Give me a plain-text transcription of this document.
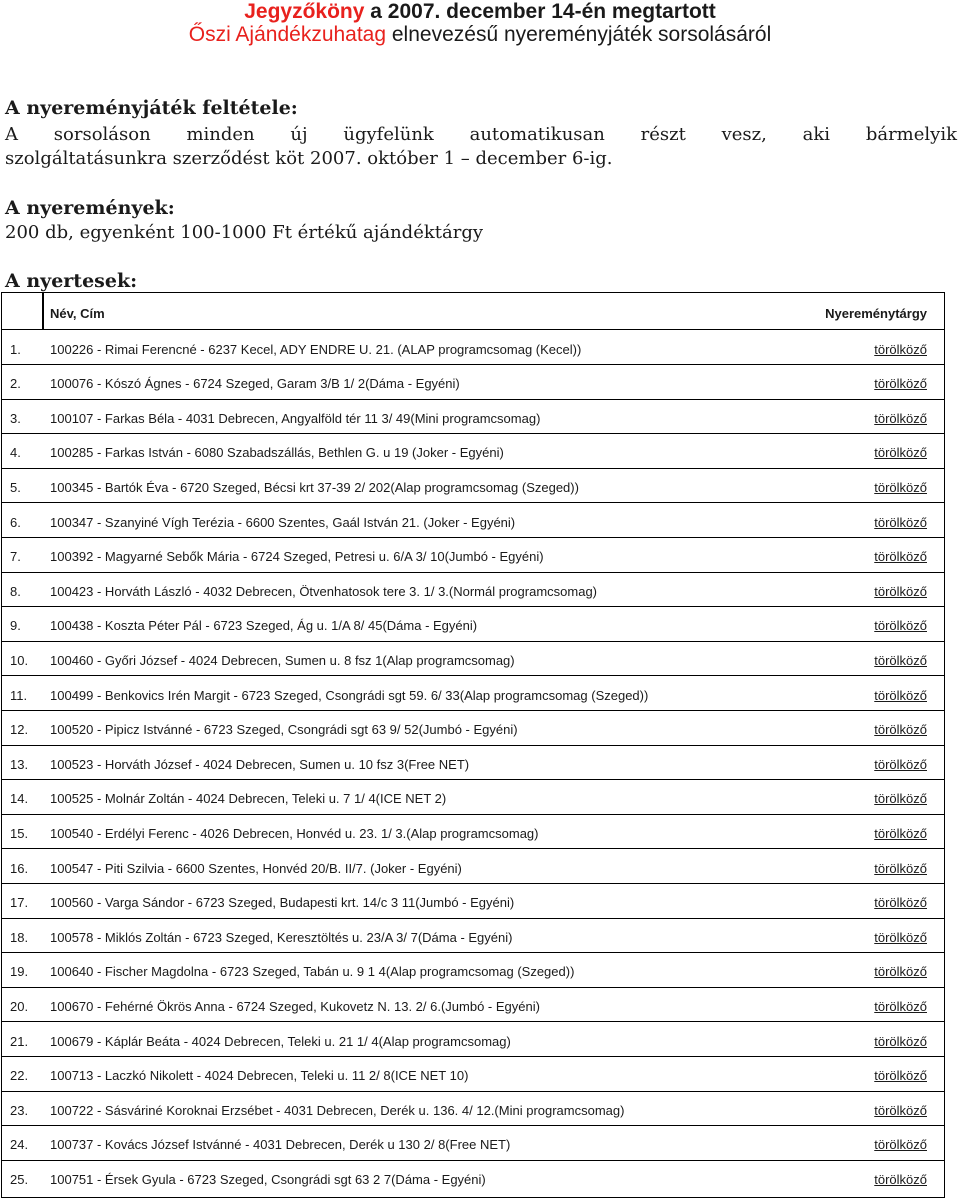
Jegyzőköny a 2007. december 14-én megtartott
Őszi Ajándékzuhatag elnevezésű nyereményjáték sorsolásáról
A nyereményjáték feltétele:
A sorsoláson minden új ügyfelünk automatikusan részt vesz, aki bármelyik
szolgáltatásunkra szerződést köt 2007. október 1 – december 6-ig.
A nyeremények:
200 db, egyenként 100-1000 Ft értékű ajándéktárgy
A nyertesek:
Név, Cím	Nyereménytárgy
1. 100226 - Rimai Ferencné - 6237 Kecel, ADY ENDRE U. 21. (ALAP programcsomag (Kecel))	törölköző
2. 100076 - Kószó Ágnes - 6724 Szeged, Garam 3/B 1/ 2(Dáma - Egyéni)	törölköző
3. 100107 - Farkas Béla - 4031 Debrecen, Angyalföld tér 11 3/ 49(Mini programcsomag)	törölköző
4. 100285 - Farkas István - 6080 Szabadszállás, Bethlen G. u 19 (Joker - Egyéni)	törölköző
5. 100345 - Bartók Éva - 6720 Szeged, Bécsi krt 37-39 2/ 202(Alap programcsomag (Szeged))	törölköző
6. 100347 - Szanyiné Vígh Terézia - 6600 Szentes, Gaál István 21. (Joker - Egyéni)	törölköző
7. 100392 - Magyarné Sebők Mária - 6724 Szeged, Petresi u. 6/A 3/ 10(Jumbó - Egyéni)	törölköző
8. 100423 - Horváth László - 4032 Debrecen, Ötvenhatosok tere 3. 1/ 3.(Normál programcsomag)	törölköző
9. 100438 - Koszta Péter Pál - 6723 Szeged, Ág u. 1/A 8/ 45(Dáma - Egyéni)	törölköző
10. 100460 - Győri József - 4024 Debrecen, Sumen u. 8 fsz 1(Alap programcsomag)	törölköző
11. 100499 - Benkovics Irén Margit - 6723 Szeged, Csongrádi sgt 59. 6/ 33(Alap programcsomag (Szeged))	törölköző
12. 100520 - Pipicz Istvánné - 6723 Szeged, Csongrádi sgt 63 9/ 52(Jumbó - Egyéni)	törölköző
13. 100523 - Horváth József - 4024 Debrecen, Sumen u. 10 fsz 3(Free NET)	törölköző
14. 100525 - Molnár Zoltán - 4024 Debrecen, Teleki u. 7 1/ 4(ICE NET 2)	törölköző
15. 100540 - Erdélyi Ferenc - 4026 Debrecen, Honvéd u. 23. 1/ 3.(Alap programcsomag)	törölköző
16. 100547 - Piti Szilvia - 6600 Szentes, Honvéd 20/B. II/7. (Joker - Egyéni)	törölköző
17. 100560 - Varga Sándor - 6723 Szeged, Budapesti krt. 14/c 3 11(Jumbó - Egyéni)	törölköző
18. 100578 - Miklós Zoltán - 6723 Szeged, Keresztöltés u. 23/A 3/ 7(Dáma - Egyéni)	törölköző
19. 100640 - Fischer Magdolna - 6723 Szeged, Tabán u. 9 1 4(Alap programcsomag (Szeged))	törölköző
20. 100670 - Fehérné Ökrös Anna - 6724 Szeged, Kukovetz N. 13. 2/ 6.(Jumbó - Egyéni)	törölköző
21. 100679 - Káplár Beáta - 4024 Debrecen, Teleki u. 21 1/ 4(Alap programcsomag)	törölköző
22. 100713 - Laczkó Nikolett - 4024 Debrecen, Teleki u. 11 2/ 8(ICE NET 10)	törölköző
23. 100722 - Sásváriné Koroknai Erzsébet - 4031 Debrecen, Derék u. 136. 4/ 12.(Mini programcsomag)	törölköző
24. 100737 - Kovács József Istvánné - 4031 Debrecen, Derék u 130 2/ 8(Free NET)	törölköző
25. 100751 - Érsek Gyula - 6723 Szeged, Csongrádi sgt 63 2 7(Dáma - Egyéni)	törölköző
